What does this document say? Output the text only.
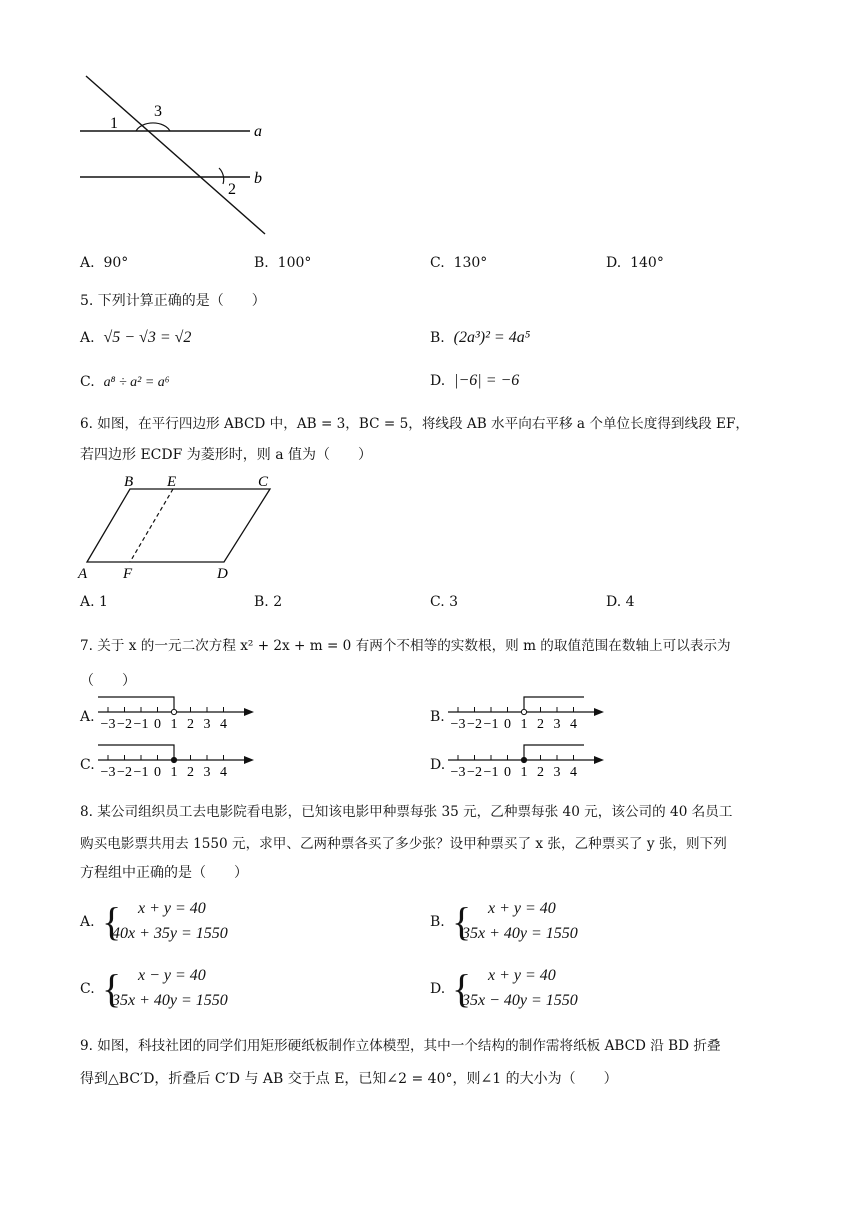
1
3
2
a
b
A. 90°	B. 100°	C. 130°	D. 140°
5. 下列计算正确的是（　　）
A. √5 − √3 = √2	B. (2a³)² = 4a⁵
C. a⁸ ÷ a² = a⁶	D. |−6| = −6
6. 如图，在平行四边形 ABCD 中，AB = 3，BC = 5，将线段 AB 水平向右平移 a 个单位长度得到线段 EF，
若四边形 ECDF 为菱形时，则 a 值为（　　）
B E	C
A F	D
A. 1	B. 2	C. 3	D. 4
7. 关于 x 的一元二次方程 x² + 2x + m = 0 有两个不相等的实数根，则 m 的取值范围在数轴上可以表示为
（　　）
A.	B.
C.	D.
−3 −2 −1 0 1 2 3 4	−3 −2 −1 0 1 2 3 4
−3 −2 −1 0 1 2 3 4	−3 −2 −1 0 1 2 3 4
8. 某公司组织员工去电影院看电影，已知该电影甲种票每张 35 元，乙种票每张 40 元，该公司的 40 名员工
购买电影票共用去 1550 元，求甲、乙两种票各买了多少张？设甲种票买了 x 张，乙种票买了 y 张，则下列
方程组中正确的是（　　）
A. { x + y = 40
40x + 35y = 1550
B. { x + y = 40
35x + 40y = 1550
C. { x − y = 40
35x + 40y = 1550
D. { x + y = 40
35x − 40y = 1550
9. 如图，科技社团的同学们用矩形硬纸板制作立体模型，其中一个结构的制作需将纸板 ABCD 沿 BD 折叠
得到△BC′D，折叠后 C′D 与 AB 交于点 E，已知∠2 = 40°，则∠1 的大小为（　　）
